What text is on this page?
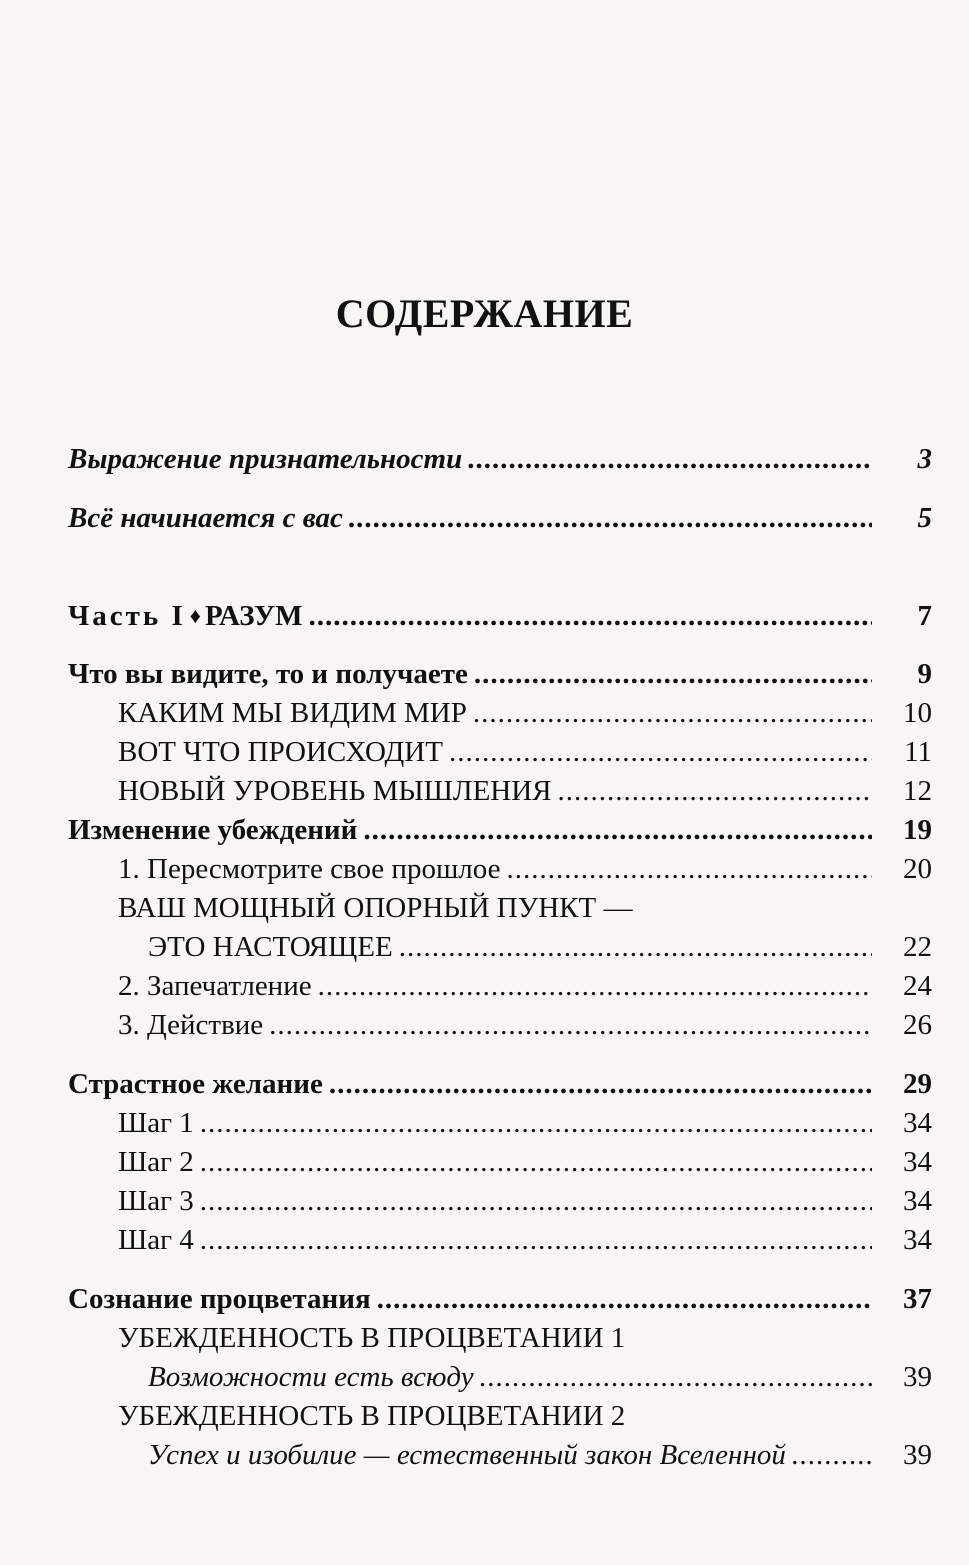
СОДЕРЖАНИЕ
Выражение признательности .....	3
Всё начинается с вас .....	5
Часть I ♦ РАЗУМ .....	7
Что вы видите, то и получаете .....	9
КАКИМ МЫ ВИДИМ МИР .....	10
ВОТ ЧТО ПРОИСХОДИТ .....	11
НОВЫЙ УРОВЕНЬ МЫШЛЕНИЯ .....	12
Изменение убеждений .....	19
1. Пересмотрите свое прошлое .....	20
ВАШ МОЩНЫЙ ОПОРНЫЙ ПУНКТ —
ЭТО НАСТОЯЩЕЕ .....	22
2. Запечатление .....	24
3. Действие .....	26
Страстное желание .....	29
Шаг 1 .....	34
Шаг 2 .....	34
Шаг 3 .....	34
Шаг 4 .....	34
Сознание процветания .....	37
УБЕЖДЕННОСТЬ В ПРОЦВЕТАНИИ 1
Возможности есть всюду .....	39
УБЕЖДЕННОСТЬ В ПРОЦВЕТАНИИ 2
Успех и изобилие — естественный закон Вселенной .....	39
